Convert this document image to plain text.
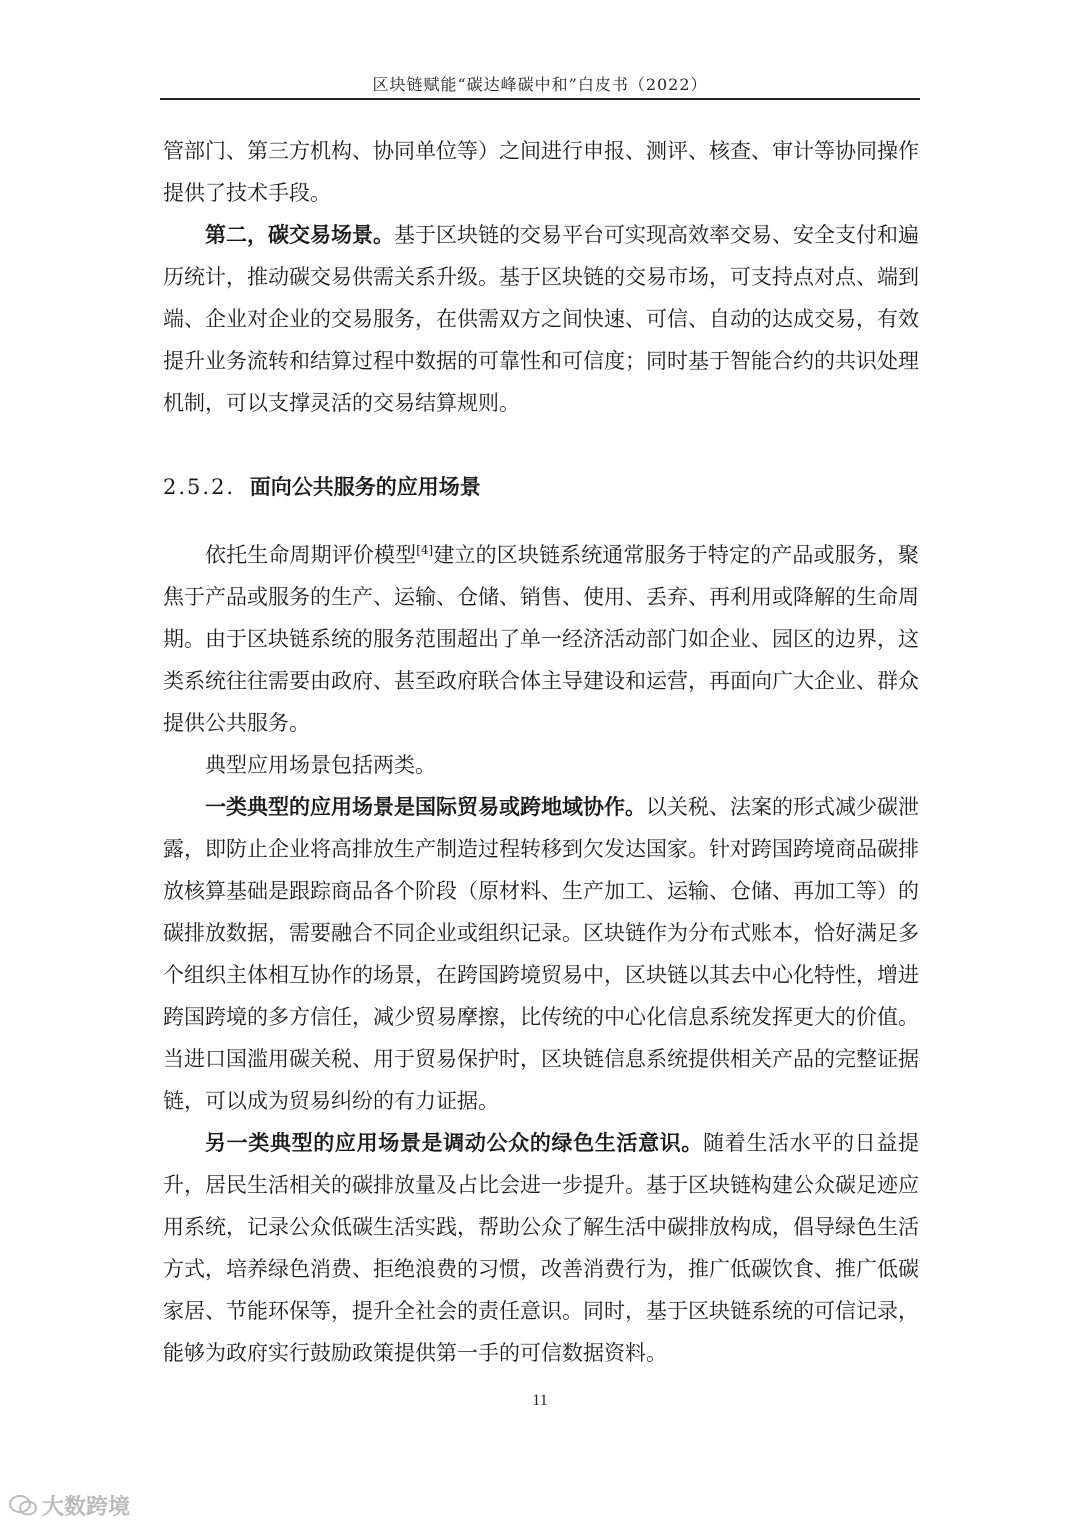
区块链赋能“碳达峰碳中和”白皮书（2022）

管部门、第三方机构、协同单位等）之间进行申报、测评、核查、审计等协同操作提供了技术手段。

第二，碳交易场景。基于区块链的交易平台可实现高效率交易、安全支付和遍历统计，推动碳交易供需关系升级。基于区块链的交易市场，可支持点对点、端到端、企业对企业的交易服务，在供需双方之间快速、可信、自动的达成交易，有效提升业务流转和结算过程中数据的可靠性和可信度；同时基于智能合约的共识处理机制，可以支撑灵活的交易结算规则。

2.5.2. 面向公共服务的应用场景

依托生命周期评价模型[4]建立的区块链系统通常服务于特定的产品或服务，聚焦于产品或服务的生产、运输、仓储、销售、使用、丢弃、再利用或降解的生命周期。由于区块链系统的服务范围超出了单一经济活动部门如企业、园区的边界，这类系统往往需要由政府、甚至政府联合体主导建设和运营，再面向广大企业、群众提供公共服务。

典型应用场景包括两类。

一类典型的应用场景是国际贸易或跨地域协作。以关税、法案的形式减少碳泄露，即防止企业将高排放生产制造过程转移到欠发达国家。针对跨国跨境商品碳排放核算基础是跟踪商品各个阶段（原材料、生产加工、运输、仓储、再加工等）的碳排放数据，需要融合不同企业或组织记录。区块链作为分布式账本，恰好满足多个组织主体相互协作的场景，在跨国跨境贸易中，区块链以其去中心化特性，增进跨国跨境的多方信任，减少贸易摩擦，比传统的中心化信息系统发挥更大的价值。当进口国滥用碳关税、用于贸易保护时，区块链信息系统提供相关产品的完整证据链，可以成为贸易纠纷的有力证据。

另一类典型的应用场景是调动公众的绿色生活意识。随着生活水平的日益提升，居民生活相关的碳排放量及占比会进一步提升。基于区块链构建公众碳足迹应用系统，记录公众低碳生活实践，帮助公众了解生活中碳排放构成，倡导绿色生活方式，培养绿色消费、拒绝浪费的习惯，改善消费行为，推广低碳饮食、推广低碳家居、节能环保等，提升全社会的责任意识。同时，基于区块链系统的可信记录，能够为政府实行鼓励政策提供第一手的可信数据资料。

11
大数跨境
